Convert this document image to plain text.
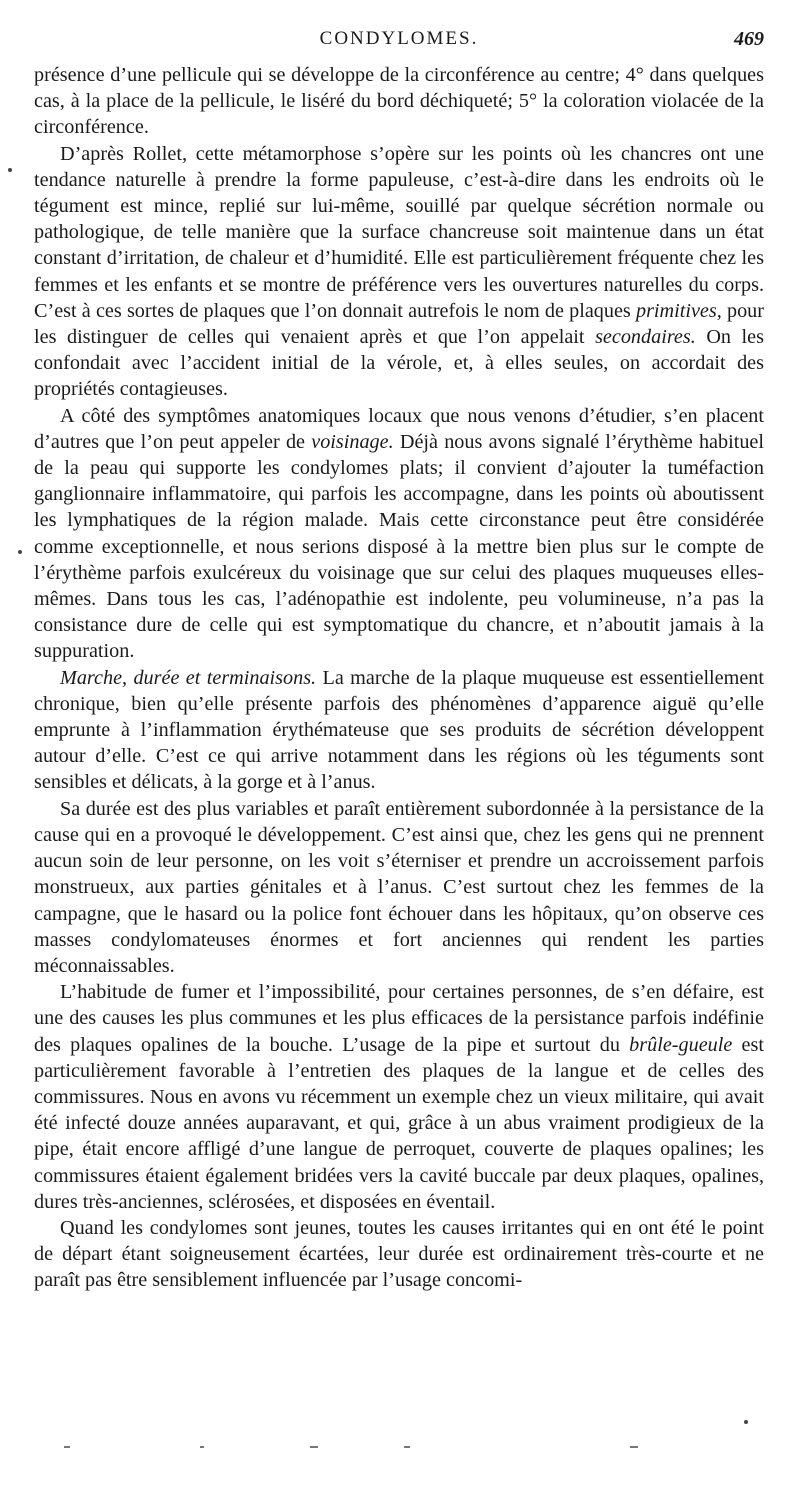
CONDYLOMES.	469

présence d’une pellicule qui se développe de la circonférence au centre; 4° dans quelques cas, à la place de la pellicule, le liséré du bord déchiqueté; 5° la coloration violacée de la circonférence.

D’après Rollet, cette métamorphose s’opère sur les points où les chancres ont une tendance naturelle à prendre la forme papuleuse, c’est-à-dire dans les endroits où le tégument est mince, replié sur lui-même, souillé par quelque sécrétion normale ou pathologique, de telle manière que la surface chancreuse soit maintenue dans un état constant d’irritation, de chaleur et d’humidité. Elle est particulièrement fréquente chez les femmes et les enfants et se montre de préférence vers les ouvertures naturelles du corps. C’est à ces sortes de plaques que l’on donnait autrefois le nom de plaques primitives, pour les distinguer de celles qui venaient après et que l’on appelait secondaires. On les confondait avec l’accident initial de la vérole, et, à elles seules, on accordait des propriétés contagieuses.

A côté des symptômes anatomiques locaux que nous venons d’étudier, s’en placent d’autres que l’on peut appeler de voisinage. Déjà nous avons signalé l’érythème habituel de la peau qui supporte les condylomes plats; il convient d’ajouter la tuméfaction ganglionnaire inflammatoire, qui parfois les accompagne, dans les points où aboutissent les lymphatiques de la région malade. Mais cette circonstance peut être considérée comme exceptionnelle, et nous serions disposé à la mettre bien plus sur le compte de l’érythème parfois exulcéreux du voisinage que sur celui des plaques muqueuses elles-mêmes. Dans tous les cas, l’adénopathie est indolente, peu volumineuse, n’a pas la consistance dure de celle qui est symptomatique du chancre, et n’aboutit jamais à la suppuration.

Marche, durée et terminaisons. La marche de la plaque muqueuse est essentiellement chronique, bien qu’elle présente parfois des phénomènes d’apparence aiguë qu’elle emprunte à l’inflammation érythémateuse que ses produits de sécrétion développent autour d’elle. C’est ce qui arrive notamment dans les régions où les téguments sont sensibles et délicats, à la gorge et à l’anus.

Sa durée est des plus variables et paraît entièrement subordonnée à la persistance de la cause qui en a provoqué le développement. C’est ainsi que, chez les gens qui ne prennent aucun soin de leur personne, on les voit s’éterniser et prendre un accroissement parfois monstrueux, aux parties génitales et à l’anus. C’est surtout chez les femmes de la campagne, que le hasard ou la police font échouer dans les hôpitaux, qu’on observe ces masses condylomateuses énormes et fort anciennes qui rendent les parties méconnaissables.

L’habitude de fumer et l’impossibilité, pour certaines personnes, de s’en défaire, est une des causes les plus communes et les plus efficaces de la persistance parfois indéfinie des plaques opalines de la bouche. L’usage de la pipe et surtout du brûle-gueule est particulièrement favorable à l’entretien des plaques de la langue et de celles des commissures. Nous en avons vu récemment un exemple chez un vieux militaire, qui avait été infecté douze années auparavant, et qui, grâce à un abus vraiment prodigieux de la pipe, était encore affligé d’une langue de perroquet, couverte de plaques opalines; les commissures étaient également bridées vers la cavité buccale par deux plaques, opalines, dures très-anciennes, sclérosées, et disposées en éventail.

Quand les condylomes sont jeunes, toutes les causes irritantes qui en ont été le point de départ étant soigneusement écartées, leur durée est ordinairement très-courte et ne paraît pas être sensiblement influencée par l’usage concomi-
